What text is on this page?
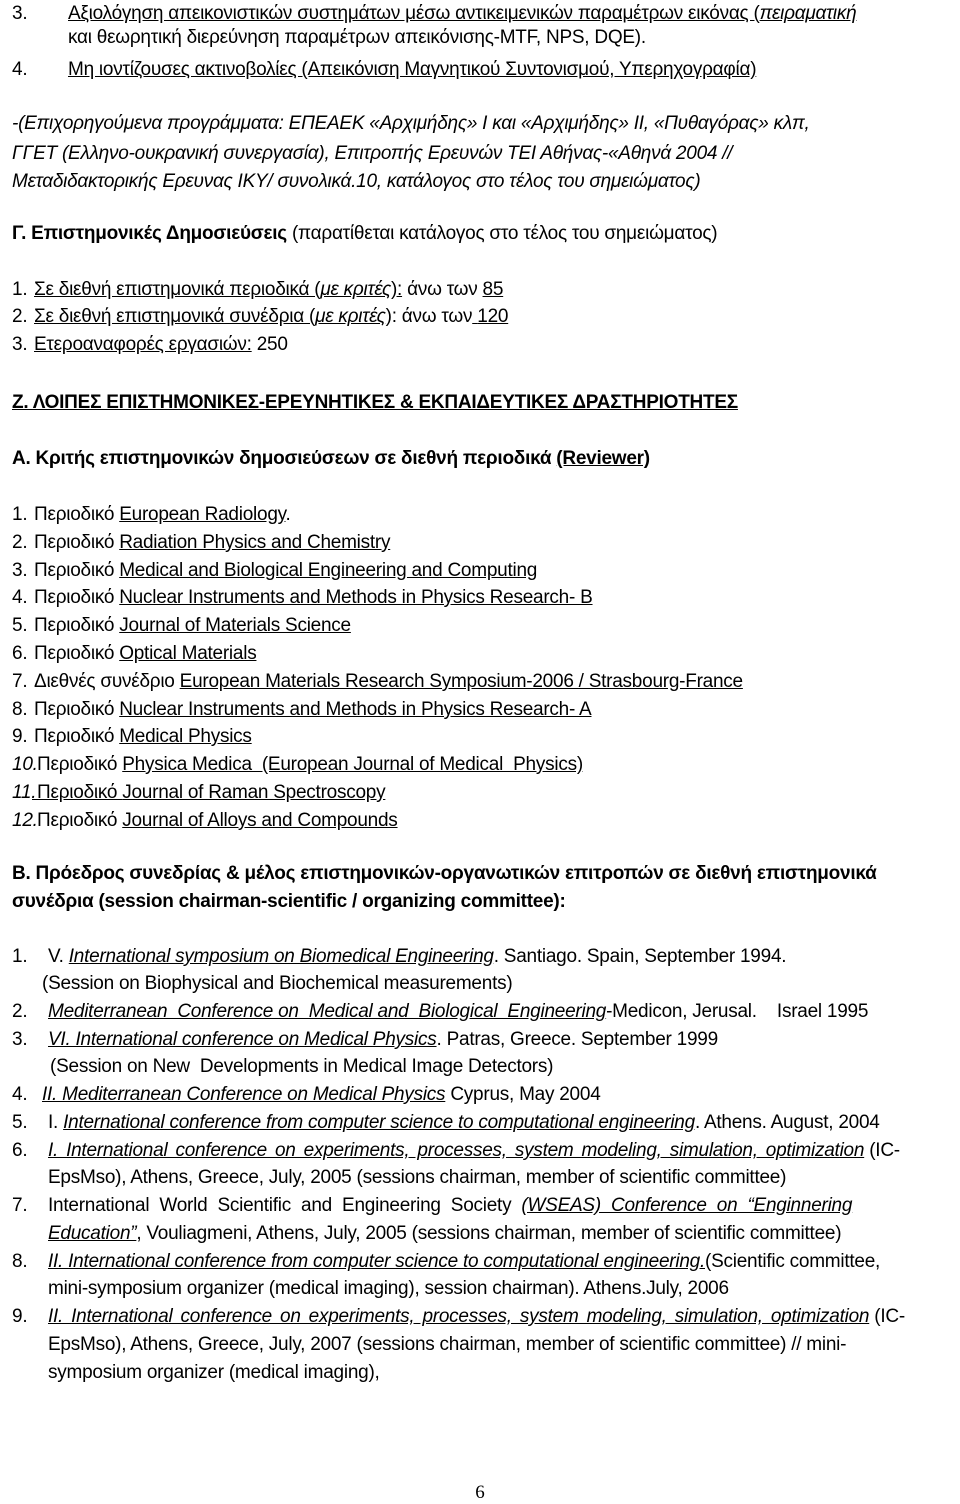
3. Αξιολόγηση απεικονιστικών συστημάτων μέσω αντικειμενικών παραμέτρων εικόνας (πειραματική
και θεωρητική διερεύνηση παραμέτρων απεικόνισης-MTF, NPS, DQE).
4. Μη ιοντίζουσες ακτινοβολίες (Απεικόνιση Μαγνητικού Συντονισμού, Υπερηχογραφία)
-(Επιχορηγούμενα προγράμματα: ΕΠΕΑΕΚ «Αρχιμήδης» Ι και «Αρχιμήδης» ΙΙ, «Πυθαγόρας» κλπ,
ΓΓΕΤ (Ελληνο-ουκρανική συνεργασία), Επιτροπής Ερευνών ΤΕΙ Αθήνας-«Αθηνά 2004 //
Μεταδιδακτορικής Ερευνας ΙΚΥ/ συνολικά.10, κατάλογος στο τέλος του σημειώματος)
Γ. Επιστημονικές Δημοσιεύσεις (παρατίθεται κατάλογος στο τέλος του σημειώματος)
1. Σε διεθνή επιστημονικά περιοδικά (με κριτές): άνω των 85
2. Σε διεθνή επιστημονικά συνέδρια (με κριτές): άνω των 120
3. Ετεροαναφορές εργασιών: 250
Ζ. ΛΟΙΠΕΣ ΕΠΙΣΤΗΜΟΝΙΚΕΣ-ΕΡΕΥΝΗΤΙΚΕΣ & ΕΚΠΑΙΔΕΥΤΙΚΕΣ ΔΡΑΣΤΗΡΙΟΤΗΤΕΣ
Α. Κριτής επιστημονικών δημοσιεύσεων σε διεθνή περιοδικά (Reviewer)
1. Περιοδικό European Radiology.
2. Περιοδικό Radiation Physics and Chemistry
3. Περιοδικό Medical and Biological Engineering and Computing
4. Περιοδικό Nuclear Instruments and Methods in Physics Research- B
5. Περιοδικό Journal of Materials Science
6. Περιοδικό Optical Materials
7. Διεθνές συνέδριο European Materials Research Symposium-2006 / Strasbourg-France
8. Περιοδικό Nuclear Instruments and Methods in Physics Research- A
9. Περιοδικό Medical Physics
10.
Περιοδικό Physica Medica  (European Journal of Medical  Physics)
11.
Περιοδικό Journal of Raman Spectroscopy
12.
Περιοδικό Journal of Alloys and Compounds
Β. Πρόεδρος συνεδρίας & μέλος επιστημονικών-οργανωτικών επιτροπών σε διεθνή επιστημονικά
συνέδρια (session chairman-scientific / organizing committee):
1. V. International symposium on Biomedical Engineering. Santiago. Spain, September 1994.
(Session on Biophysical and Biochemical measurements)
2. Mediterranean  Conference on  Medical and  Biological  Engineering-Medicon, Jerusal.    Israel 1995
3. VI. International conference on Medical Physics. Patras, Greece. September 1999
(Session on New  Developments in Medical Image Detectors)
4. II. Mediterranean Conference on Medical Physics Cyprus, May 2004
5. I. International conference from computer science to computational engineering. Athens. August, 2004
6. I. International conference on experiments, processes, system modeling, simulation, optimization (IC-
EpsMso), Athens, Greece, July, 2005 (sessions chairman, member of scientific committee)
7. International  World  Scientific  and  Engineering  Society  (WSEAS)  Conference  on  “Enginnering
Education”, Vouliagmeni, Athens, July, 2005 (sessions chairman, member of scientific committee)
8. II. International conference from computer science to computational engineering.(Scientific committee,
mini-symposium organizer (medical imaging), session chairman). Athens.July, 2006
9. II. International conference on experiments, processes, system modeling, simulation, optimization (IC-
EpsMso), Athens, Greece, July, 2007 (sessions chairman, member of scientific committee) // mini-
symposium organizer (medical imaging),
6
